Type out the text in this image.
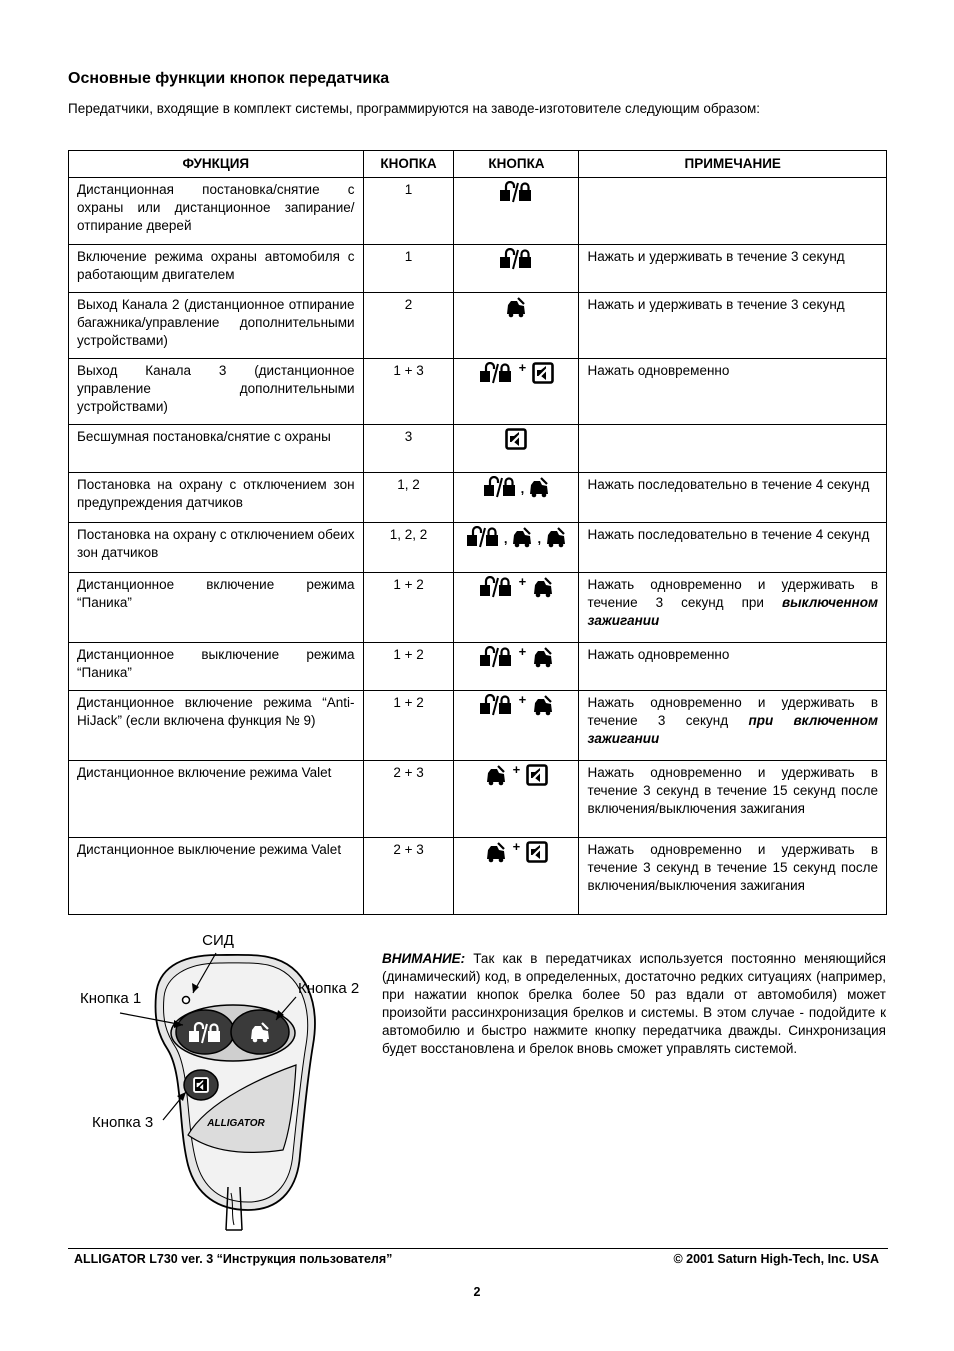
Основные функции кнопок передатчика
Передатчики, входящие в комплект системы, программируются на заводе-изготовителе следующим образом:
ФУНКЦИЯ	КНОПКА	КНОПКА	ПРИМЕЧАНИЕ
Дистанционная постановка/снятие с охраны или дистанционное запирание/отпирание дверей	1		
Включение режима охраны автомобиля с работающим двигателем	1		Нажать и удерживать в течение 3 секунд
Выход Канала 2 (дистанционное отпирание багажника/управление дополнительными устройствами)	2		Нажать и удерживать в течение 3 секунд
Выход Канала 3 (дистанционное управление дополнительными устройствами)	1 + 3	+	Нажать одновременно
Бесшумная постановка/снятие с охраны	3		
Постановка на охрану с отключением зон предупреждения датчиков	1, 2	,	Нажать последовательно в течение 4 секунд
Постановка на охрану с отключением обеих зон датчиков	1, 2, 2	, ,	Нажать последовательно в течение 4 секунд
Дистанционное включение режима “Паника”	1 + 2	+	Нажать одновременно и удерживать в течение 3 секунд при выключенном зажигании
Дистанционное выключение режима “Паника”	1 + 2	+	Нажать одновременно
Дистанционное включение режима “Anti-HiJack” (если включена функция № 9)	1 + 2	+	Нажать одновременно и удерживать в течение 3 секунд при включенном зажигании
Дистанционное включение режима Valet	2 + 3	+	Нажать одновременно и удерживать в течение 3 секунд в течение 15 секунд после включения/выключения зажигания
Дистанционное выключение режима Valet	2 + 3	+	Нажать одновременно и удерживать в течение 3 секунд в течение 15 секунд после включения/выключения зажигания
ALLIGATOR
СИД
Кнопка 1
Кнопка 2
Кнопка 3
ВНИМАНИЕ: Так как в передатчиках используется постоянно меняющийся (динамический) код, в определенных, достаточно редких ситуациях (например, при нажатии кнопок брелка более 50 раз вдали от автомобиля) может произойти рассинхронизация брелков и системы. В этом случае - подойдите к автомобилю и быстро нажмите кнопку передатчика дважды. Синхронизация будет восстановлена и брелок вновь сможет управлять системой.
ALLIGATOR L730 ver. 3 “Инструкция пользователя”	© 2001 Saturn High-Tech, Inc. USA
2
